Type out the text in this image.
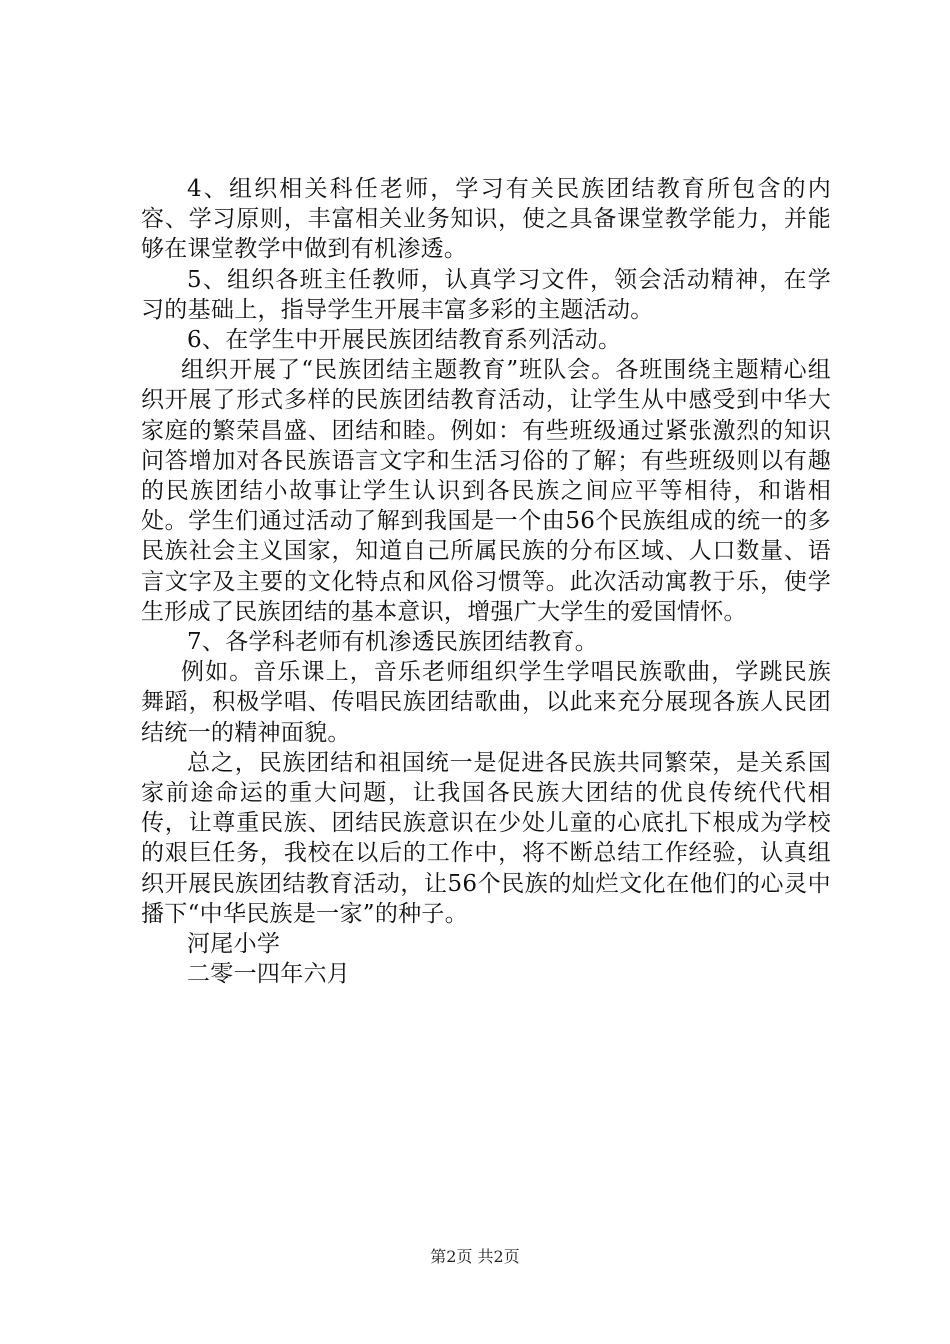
4、组织相关科任老师，学习有关民族团结教育所包含的内容、学习原则，丰富相关业务知识，使之具备课堂教学能力，并能够在课堂教学中做到有机渗透。

5、组织各班主任教师，认真学习文件，领会活动精神，在学习的基础上，指导学生开展丰富多彩的主题活动。

6、在学生中开展民族团结教育系列活动。

组织开展了“民族团结主题教育”班队会。各班围绕主题精心组织开展了形式多样的民族团结教育活动，让学生从中感受到中华大家庭的繁荣昌盛、团结和睦。例如：有些班级通过紧张激烈的知识问答增加对各民族语言文字和生活习俗的了解；有些班级则以有趣的民族团结小故事让学生认识到各民族之间应平等相待，和谐相处。学生们通过活动了解到我国是一个由56个民族组成的统一的多民族社会主义国家，知道自己所属民族的分布区域、人口数量、语言文字及主要的文化特点和风俗习惯等。此次活动寓教于乐，使学生形成了民族团结的基本意识，增强广大学生的爱国情怀。

7、各学科老师有机渗透民族团结教育。

例如。音乐课上，音乐老师组织学生学唱民族歌曲，学跳民族舞蹈，积极学唱、传唱民族团结歌曲，以此来充分展现各族人民团结统一的精神面貌。

总之，民族团结和祖国统一是促进各民族共同繁荣，是关系国家前途命运的重大问题，让我国各民族大团结的优良传统代代相传，让尊重民族、团结民族意识在少处儿童的心底扎下根成为学校的艰巨任务，我校在以后的工作中，将不断总结工作经验，认真组织开展民族团结教育活动，让56个民族的灿烂文化在他们的心灵中播下“中华民族是一家”的种子。

河尾小学

二零一四年六月

第2页 共2页
